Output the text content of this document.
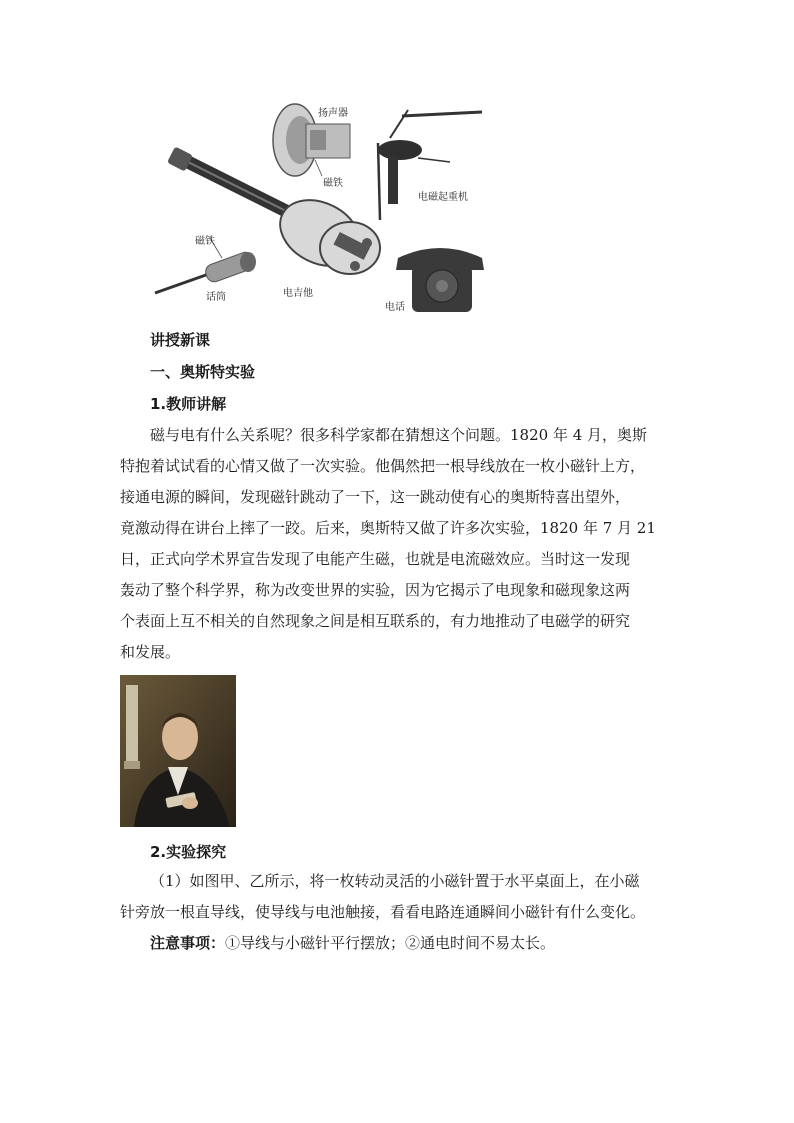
扬声器
磁铁
电磁起重机
磁铁
话筒	电吉他
电话
讲授新课
一、奥斯特实验
1.教师讲解
磁与电有什么关系呢？很多科学家都在猜想这个问题。1820 年 4 月，奥斯
特抱着试试看的心情又做了一次实验。他偶然把一根导线放在一枚小磁针上方，
接通电源的瞬间，发现磁针跳动了一下，这一跳动使有心的奥斯特喜出望外，
竟激动得在讲台上摔了一跤。后来，奥斯特又做了许多次实验，1820 年 7 月 21
日，正式向学术界宣告发现了电能产生磁，也就是电流磁效应。当时这一发现
轰动了整个科学界，称为改变世界的实验，因为它揭示了电现象和磁现象这两
个表面上互不相关的自然现象之间是相互联系的，有力地推动了电磁学的研究
和发展。
2.实验探究
（1）如图甲、乙所示，将一枚转动灵活的小磁针置于水平桌面上，在小磁
针旁放一根直导线，使导线与电池触接，看看电路连通瞬间小磁针有什么变化。
注意事项：①导线与小磁针平行摆放；②通电时间不易太长。
